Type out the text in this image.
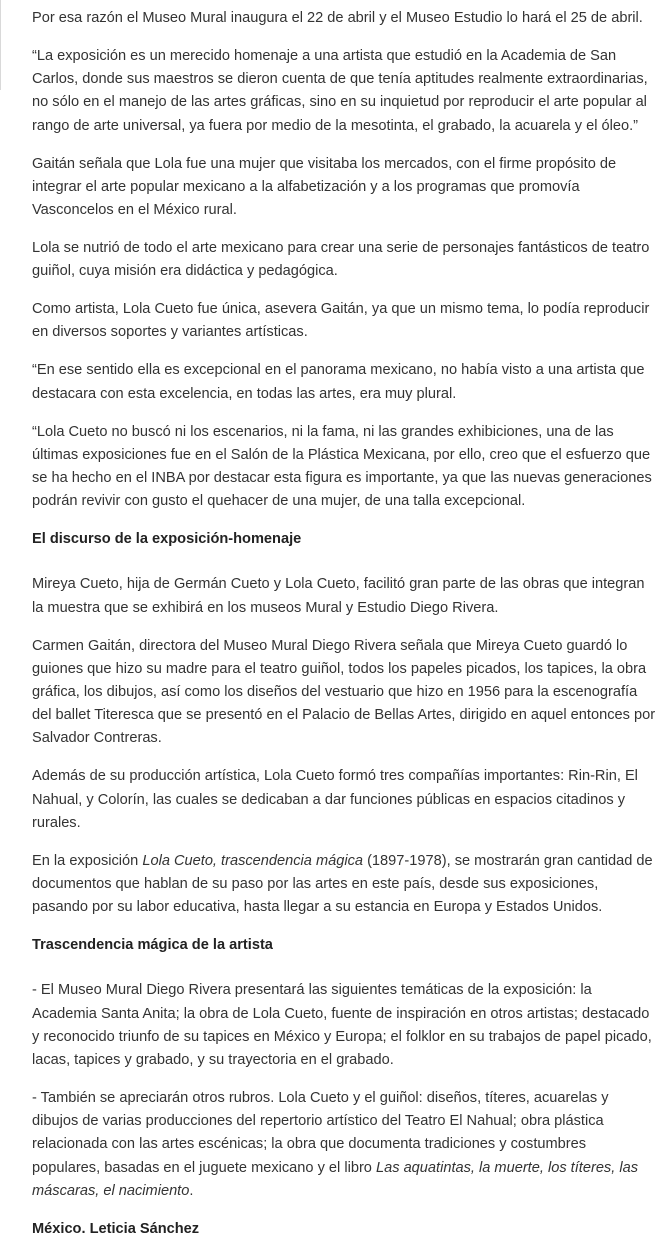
Por esa razón el Museo Mural inaugura el 22 de abril y el Museo Estudio lo hará el 25 de abril.

“La exposición es un merecido homenaje a una artista que estudió en la Academia de San Carlos, donde sus maestros se dieron cuenta de que tenía aptitudes realmente extraordinarias, no sólo en el manejo de las artes gráficas, sino en su inquietud por reproducir el arte popular al rango de arte universal, ya fuera por medio de la mesotinta, el grabado, la acuarela y el óleo.”

Gaitán señala que Lola fue una mujer que visitaba los mercados, con el firme propósito de integrar el arte popular mexicano a la alfabetización y a los programas que promovía Vasconcelos en el México rural.

Lola se nutrió de todo el arte mexicano para crear una serie de personajes fantásticos de teatro guiñol, cuya misión era didáctica y pedagógica.

Como artista, Lola Cueto fue única, asevera Gaitán, ya que un mismo tema, lo podía reproducir en diversos soportes y variantes artísticas.

“En ese sentido ella es excepcional en el panorama mexicano, no había visto a una artista que destacara con esta excelencia, en todas las artes, era muy plural.

“Lola Cueto no buscó ni los escenarios, ni la fama, ni las grandes exhibiciones, una de las últimas exposiciones fue en el Salón de la Plástica Mexicana, por ello, creo que el esfuerzo que se ha hecho en el INBA por destacar esta figura es importante, ya que las nuevas generaciones podrán revivir con gusto el quehacer de una mujer, de una talla excepcional.

El discurso de la exposición-homenaje

Mireya Cueto, hija de Germán Cueto y Lola Cueto, facilitó gran parte de las obras que integran la muestra que se exhibirá en los museos Mural y Estudio Diego Rivera.

Carmen Gaitán, directora del Museo Mural Diego Rivera señala que Mireya Cueto guardó lo guiones que hizo su madre para el teatro guiñol, todos los papeles picados, los tapices, la obra gráfica, los dibujos, así como los diseños del vestuario que hizo en 1956 para la escenografía del ballet Titeresca que se presentó en el Palacio de Bellas Artes, dirigido en aquel entonces por Salvador Contreras.

Además de su producción artística, Lola Cueto formó tres compañías importantes: Rin-Rin, El Nahual, y Colorín, las cuales se dedicaban a dar funciones públicas en espacios citadinos y rurales.

En la exposición Lola Cueto, trascendencia mágica (1897-1978), se mostrarán gran cantidad de documentos que hablan de su paso por las artes en este país, desde sus exposiciones, pasando por su labor educativa, hasta llegar a su estancia en Europa y Estados Unidos.

Trascendencia mágica de la artista

- El Museo Mural Diego Rivera presentará las siguientes temáticas de la exposición: la Academia Santa Anita; la obra de Lola Cueto, fuente de inspiración en otros artistas; destacado y reconocido triunfo de su tapices en México y Europa; el folklor en su trabajos de papel picado, lacas, tapices y grabado, y su trayectoria en el grabado.

- También se apreciarán otros rubros. Lola Cueto y el guiñol: diseños, títeres, acuarelas y dibujos de varias producciones del repertorio artístico del Teatro El Nahual; obra plástica relacionada con las artes escénicas; la obra que documenta tradiciones y costumbres populares, basadas en el juguete mexicano y el libro Las aquatintas, la muerte, los títeres, las máscaras, el nacimiento.

México. Leticia Sánchez
